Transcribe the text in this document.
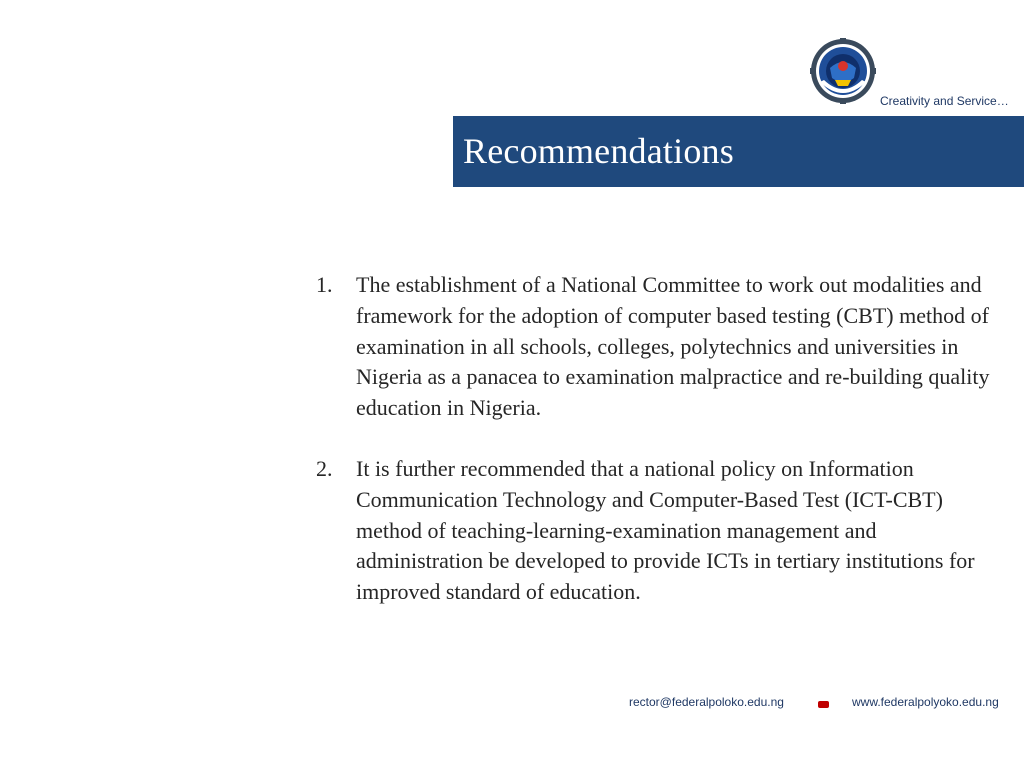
Creativity and Service…
Recommendations
1. The establishment of a National Committee to work out modalities and framework for the adoption of computer based testing (CBT) method of examination in all schools, colleges, polytechnics and universities in Nigeria as a panacea to examination malpractice and re-building quality education in Nigeria.
2. It is further recommended that a national policy on Information Communication Technology and Computer-Based Test (ICT-CBT) method of teaching-learning-examination management and administration be developed to provide ICTs in tertiary institutions for improved standard of education.
rector@federalpoloko.edu.ng	www.federalpolyoko.edu.ng
